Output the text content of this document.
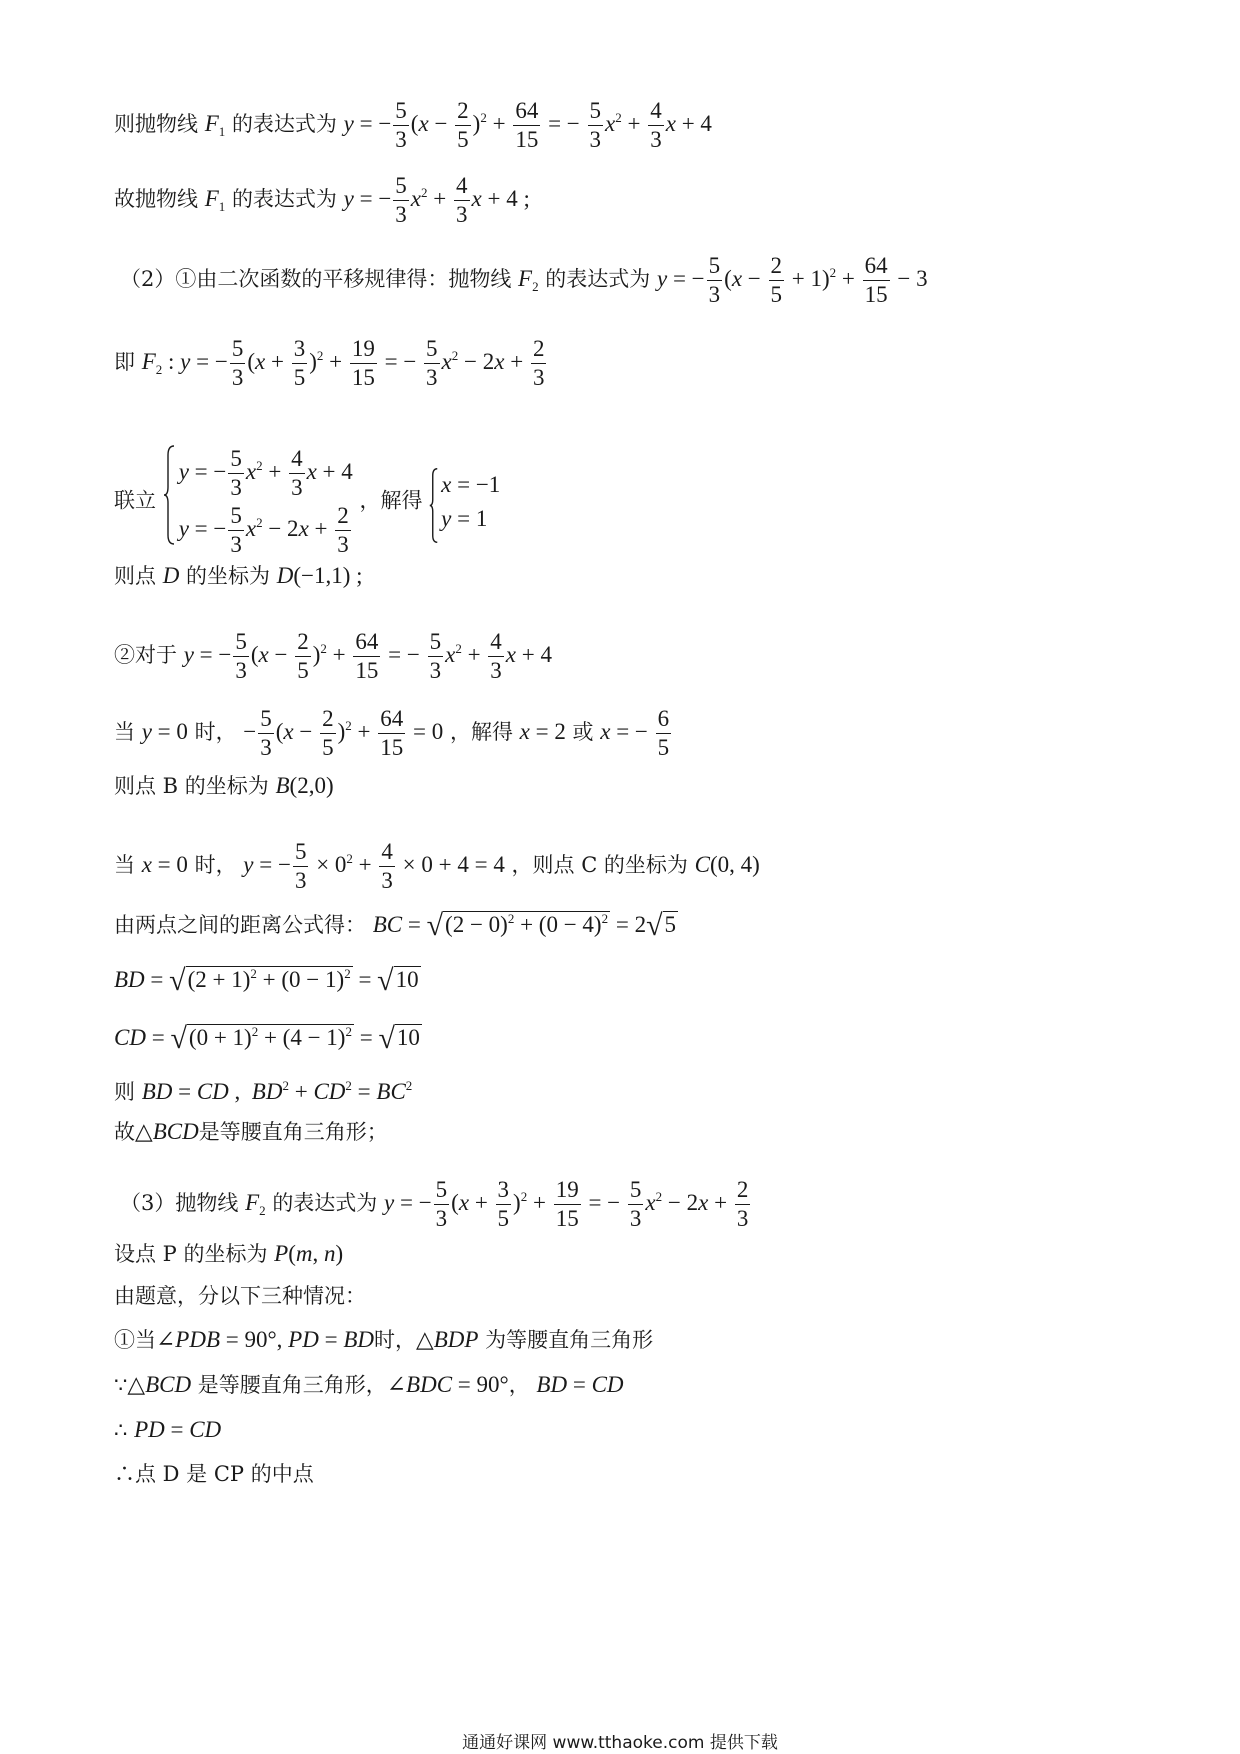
则抛物线 $F_1$ 的表达式为 y = − $\frac{5}{3} (x - \frac{2}{5} )^2 + \frac{64}{15}$ = − $\frac{5}{3} x^2 + \frac{4}{3}$ x + 4
故抛物线 $F_1$ 的表达式为 y = − $\frac{5}{3} x^2 + \frac{4}{3}$ x + 4 ;
（2）①由二次函数的平移规律得：抛物线 $F_2$ 的表达式为 y = − $\frac{5}{3} (x - \frac{2}{5} + 1)^2 + \frac{64}{15} - 3$
即 $F_2$ : y = − $\frac{5}{3} (x + \frac{3}{5} )^2 + \frac{19}{15}$ = − $\frac{5}{3} x^2 - 2x + \frac{2}{3}$
联立
y = − $\frac{5}{3} x^2 + \frac{4}{3}$ x + 4
y = − $\frac{5}{3} x^2 - 2x + \frac{2}{3}$
，解得
x = −1
y = 1
则点 D 的坐标为 D(−1,1) ;
②对于 y = − $\frac{5}{3} (x - \frac{2}{5} )^2 + \frac{64}{15}$ = − $\frac{5}{3} x^2 + \frac{4}{3}$ x + 4
当 y = 0 时， − $\frac{5}{3} (x - \frac{2}{5} )^2 + \frac{64}{15} = 0$ ，解得 x = 2 或 x = − $\frac{6}{5}$
则点 B 的坐标为 B(2,0)
当 x = 0 时， y = − $\frac{5}{3} \times 0^2 + \frac{4}{3} \times 0 + 4 = 4$ ，则点 C 的坐标为 C(0, 4)
由两点之间的距离公式得： BC = $√(2 - 0)^2 + (0 - 4)^2 = 2√5$
BD = $√(2 + 1)^2 + (0 - 1)^2 = √10$
CD = $√(0 + 1)^2 + (4 - 1)^2 = √10$
则 BD = CD ,  $BD^2 + CD^2 = BC^2$
故△BCD是等腰直角三角形；
（3）抛物线 $F_2$ 的表达式为 y = − $\frac{5}{3} (x + \frac{3}{5} )^2 + \frac{19}{15}$ = − $\frac{5}{3} x^2 - 2x + \frac{2}{3}$
设点 P 的坐标为 P(m, n)
由题意，分以下三种情况：
①当∠PDB = 90°, PD = BD时，△BDP 为等腰直角三角形
∵△BCD 是等腰直角三角形，∠BDC = 90°， BD = CD
∴ PD = CD
∴点 D 是 CP 的中点
通通好课网 www.tthaoke.com 提供下载
